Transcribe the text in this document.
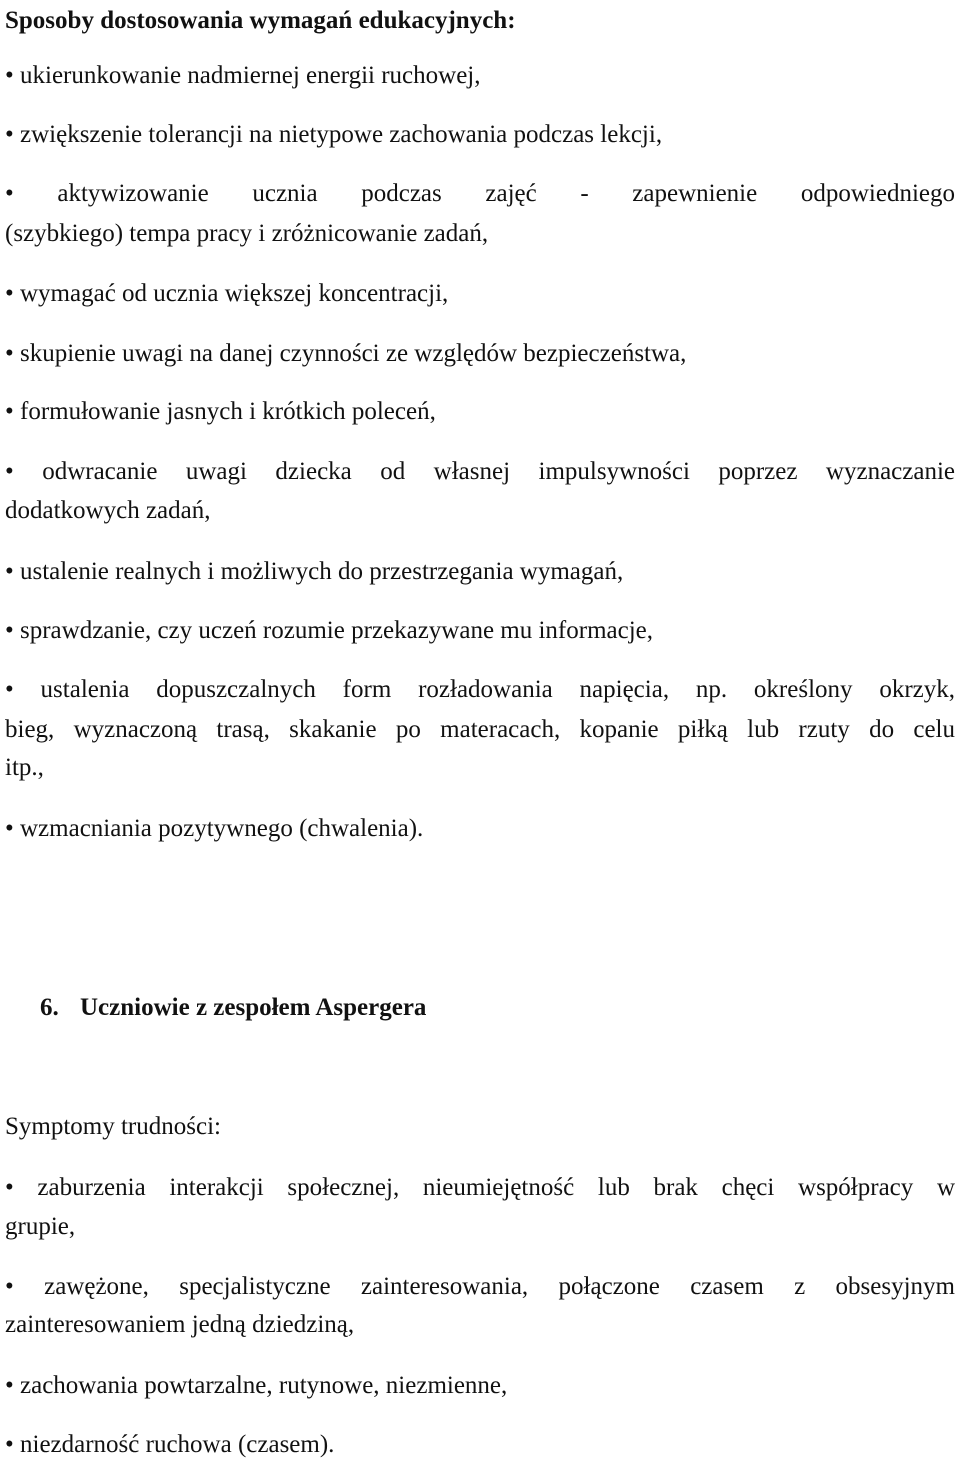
Sposoby dostosowania wymagań edukacyjnych:
• ukierunkowanie nadmiernej energii ruchowej,
• zwiększenie tolerancji na nietypowe zachowania podczas lekcji,
• aktywizowanie ucznia podczas zajęć - zapewnienie odpowiedniego
(szybkiego) tempa pracy i zróżnicowanie zadań,
• wymagać od ucznia większej koncentracji,
• skupienie uwagi na danej czynności ze względów bezpieczeństwa,
• formułowanie jasnych i krótkich poleceń,
• odwracanie uwagi dziecka od własnej impulsywności poprzez wyznaczanie
dodatkowych zadań,
• ustalenie realnych i możliwych do przestrzegania wymagań,
• sprawdzanie, czy uczeń rozumie przekazywane mu informacje,
• ustalenia dopuszczalnych form rozładowania napięcia, np. określony okrzyk,
bieg, wyznaczoną trasą, skakanie po materacach, kopanie piłką lub rzuty do celu
itp.,
• wzmacniania pozytywnego (chwalenia).
6. Uczniowie z zespołem Aspergera
Symptomy trudności:
• zaburzenia interakcji społecznej, nieumiejętność lub brak chęci współpracy w
grupie,
• zawężone, specjalistyczne zainteresowania, połączone czasem z obsesyjnym
zainteresowaniem jedną dziedziną,
• zachowania powtarzalne, rutynowe, niezmienne,
• niezdarność ruchowa (czasem).
